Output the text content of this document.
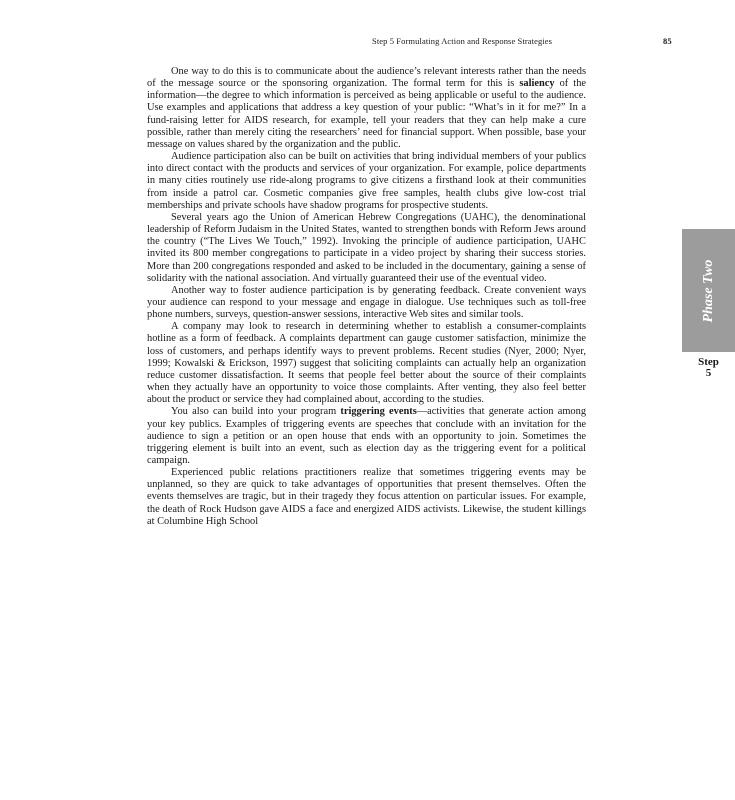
Step 5 Formulating Action and Response Strategies	85

One way to do this is to communicate about the audience’s relevant interests rather than the needs of the message source or the sponsoring organization. The formal term for this is saliency of the information—the degree to which information is perceived as being applicable or useful to the audience. Use examples and applications that address a key question of your public: “What’s in it for me?” In a fund-raising letter for AIDS research, for example, tell your readers that they can help make a cure possible, rather than merely citing the researchers’ need for financial support. When possible, base your message on values shared by the organization and the public.

Audience participation also can be built on activities that bring individual members of your publics into direct contact with the products and services of your organization. For example, police departments in many cities routinely use ride-along programs to give citizens a firsthand look at their communities from inside a patrol car. Cosmetic companies give free samples, health clubs give low-cost trial memberships and private schools have shadow programs for prospective students.

Several years ago the Union of American Hebrew Congregations (UAHC), the denominational leadership of Reform Judaism in the United States, wanted to strengthen bonds with Reform Jews around the country (“The Lives We Touch,” 1992). Invoking the principle of audience participation, UAHC invited its 800 member congregations to participate in a video project by sharing their success stories. More than 200 congregations responded and asked to be included in the documentary, gaining a sense of solidarity with the national association. And virtually guaranteed their use of the eventual video.

Another way to foster audience participation is by generating feedback. Create convenient ways your audience can respond to your message and engage in dialogue. Use techniques such as toll-free phone numbers, surveys, question-answer sessions, interactive Web sites and similar tools.

A company may look to research in determining whether to establish a consumer-complaints hotline as a form of feedback. A complaints department can gauge customer satisfaction, minimize the loss of customers, and perhaps identify ways to prevent problems. Recent studies (Nyer, 2000; Nyer, 1999; Kowalski & Erickson, 1997) suggest that soliciting complaints can actually help an organization reduce customer dissatisfaction. It seems that people feel better about the source of their complaints when they actually have an opportunity to voice those complaints. After venting, they also feel better about the product or service they had complained about, according to the studies.

You also can build into your program triggering events—activities that generate action among your key publics. Examples of triggering events are speeches that conclude with an invitation for the audience to sign a petition or an open house that ends with an opportunity to join. Sometimes the triggering element is built into an event, such as election day as the triggering event for a political campaign.

Experienced public relations practitioners realize that sometimes triggering events may be unplanned, so they are quick to take advantages of opportunities that present themselves. Often the events themselves are tragic, but in their tragedy they focus attention on particular issues. For example, the death of Rock Hudson gave AIDS a face and energized AIDS activists. Likewise, the student killings at Columbine High School

Phase Two
Step
5
